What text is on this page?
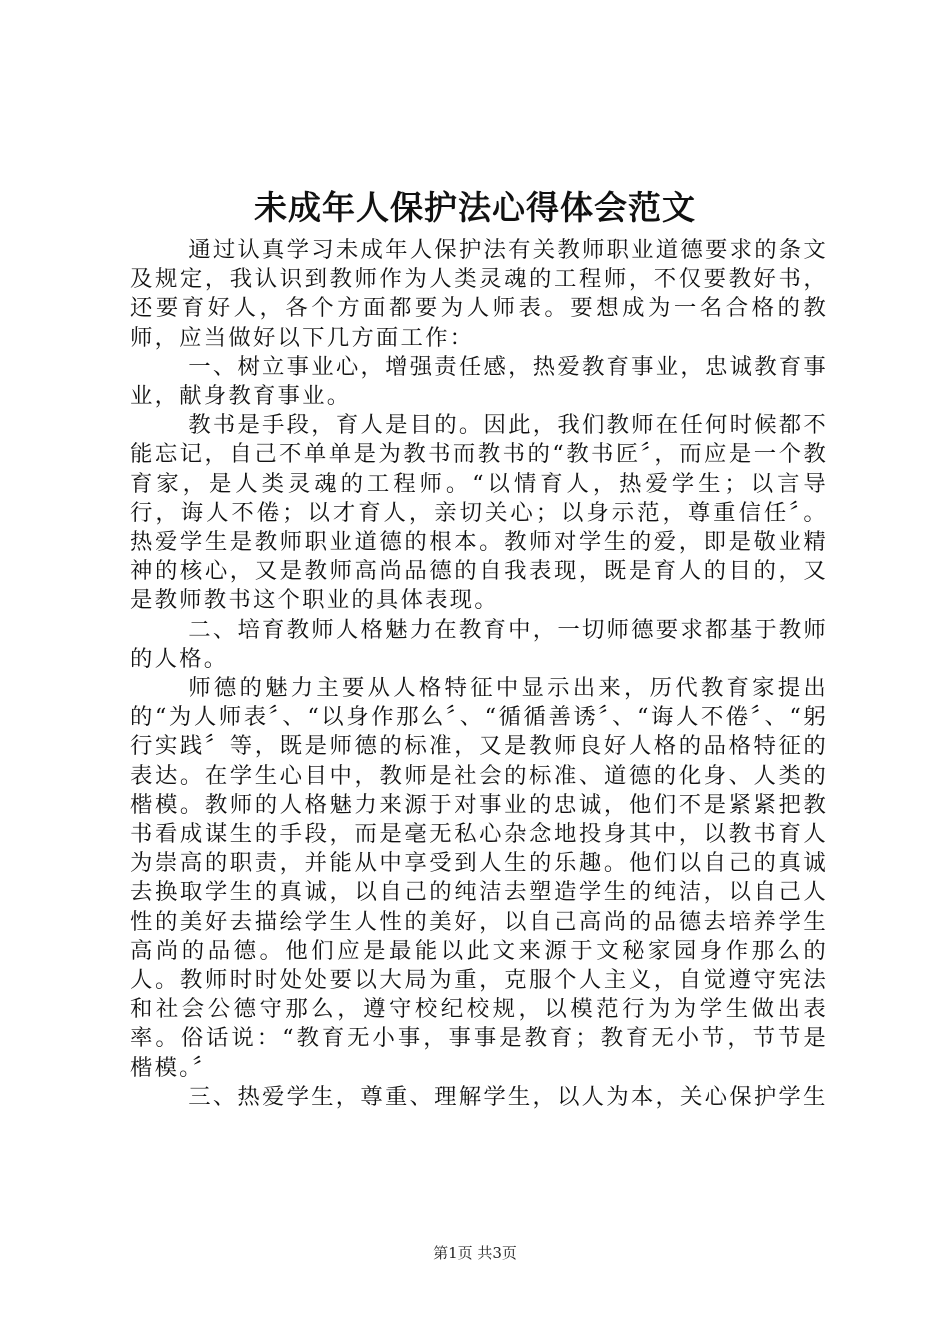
未成年人保护法心得体会范文

通过认真学习未成年人保护法有关教师职业道德要求的条文及规定，我认识到教师作为人类灵魂的工程师，不仅要教好书，还要育好人，各个方面都要为人师表。要想成为一名合格的教师，应当做好以下几方面工作：

一、树立事业心，增强责任感，热爱教育事业，忠诚教育事业，献身教育事业。

教书是手段，育人是目的。因此，我们教师在任何时候都不能忘记，自己不单单是为教书而教书的“教书匠〞，而应是一个教育家，是人类灵魂的工程师。“以情育人，热爱学生；以言导行，诲人不倦；以才育人，亲切关心；以身示范，尊重信任〞。热爱学生是教师职业道德的根本。教师对学生的爱，即是敬业精神的核心，又是教师高尚品德的自我表现，既是育人的目的，又是教师教书这个职业的具体表现。

二、培育教师人格魅力在教育中，一切师德要求都基于教师的人格。

师德的魅力主要从人格特征中显示出来，历代教育家提出的“为人师表〞、“以身作那么〞、“循循善诱〞、“诲人不倦〞、“躬行实践〞等，既是师德的标准，又是教师良好人格的品格特征的表达。在学生心目中，教师是社会的标准、道德的化身、人类的楷模。教师的人格魅力来源于对事业的忠诚，他们不是紧紧把教书看成谋生的手段，而是毫无私心杂念地投身其中，以教书育人为崇高的职责，并能从中享受到人生的乐趣。他们以自己的真诚去换取学生的真诚，以自己的纯洁去塑造学生的纯洁，以自己人性的美好去描绘学生人性的美好，以自己高尚的品德去培养学生高尚的品德。他们应是最能以此文来源于文秘家园身作那么的人。教师时时处处要以大局为重，克服个人主义，自觉遵守宪法和社会公德守那么，遵守校纪校规，以模范行为为学生做出表率。俗话说：“教育无小事，事事是教育；教育无小节，节节是楷模。〞

三、热爱学生，尊重、理解学生，以人为本，关心保护学生

第1页 共3页
